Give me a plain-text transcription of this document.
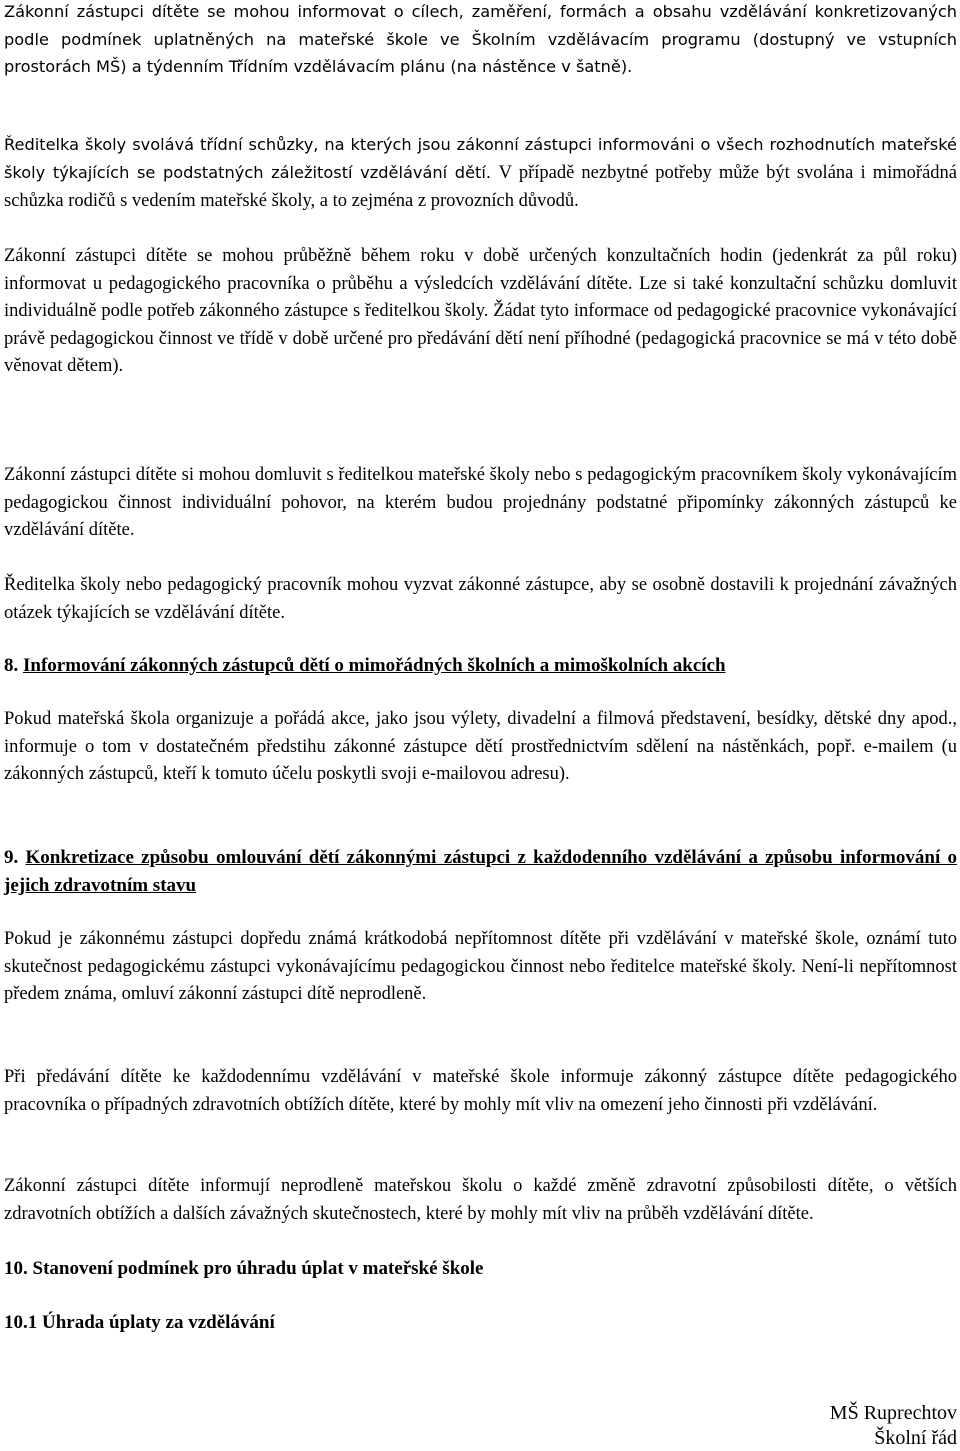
Zákonní zástupci dítěte se mohou informovat o cílech, zaměření, formách a obsahu vzdělávání konkretizovaných podle podmínek uplatněných na mateřské škole ve Školním vzdělávacím programu (dostupný ve vstupních prostorách MŠ) a týdenním Třídním vzdělávacím plánu (na nástěnce v šatně).

Ředitelka školy svolává třídní schůzky, na kterých jsou zákonní zástupci informováni o všech rozhodnutích mateřské školy týkajících se podstatných záležitostí vzdělávání dětí. V případě nezbytné potřeby může být svolána i mimořádná schůzka rodičů s vedením mateřské školy, a to zejména z provozních důvodů.

Zákonní zástupci dítěte se mohou průběžně během roku v době určených konzultačních hodin (jedenkrát za půl roku) informovat u pedagogického pracovníka o průběhu a výsledcích vzdělávání dítěte. Lze si také konzultační schůzku domluvit individuálně podle potřeb zákonného zástupce s ředitelkou školy. Žádat tyto informace od pedagogické pracovnice vykonávající právě pedagogickou činnost ve třídě v době určené pro předávání dětí není příhodné (pedagogická pracovnice se má v této době věnovat dětem).

Zákonní zástupci dítěte si mohou domluvit s ředitelkou mateřské školy nebo s pedagogickým pracovníkem školy vykonávajícím pedagogickou činnost individuální pohovor, na kterém budou projednány podstatné připomínky zákonných zástupců ke vzdělávání dítěte.

Ředitelka školy nebo pedagogický pracovník mohou vyzvat zákonné zástupce, aby se osobně dostavili k projednání závažných otázek týkajících se vzdělávání dítěte.

8. Informování zákonných zástupců dětí o mimořádných školních a mimoškolních akcích

Pokud mateřská škola organizuje a pořádá akce, jako jsou výlety, divadelní a filmová představení, besídky, dětské dny apod., informuje o tom v dostatečném předstihu zákonné zástupce dětí prostřednictvím sdělení na nástěnkách, popř. e-mailem (u zákonných zástupců, kteří k tomuto účelu poskytli svoji e-mailovou adresu).

9. Konkretizace způsobu omlouvání dětí zákonnými zástupci z každodenního vzdělávání a způsobu informování o jejich zdravotním stavu

Pokud je zákonnému zástupci dopředu známá krátkodobá nepřítomnost dítěte při vzdělávání v mateřské škole, oznámí tuto skutečnost pedagogickému zástupci vykonávajícímu pedagogickou činnost nebo ředitelce mateřské školy. Není-li nepřítomnost předem známa, omluví zákonní zástupci dítě neprodleně.

Při předávání dítěte ke každodennímu vzdělávání v mateřské škole informuje zákonný zástupce dítěte pedagogického pracovníka o případných zdravotních obtížích dítěte, které by mohly mít vliv na omezení jeho činnosti při vzdělávání.

Zákonní zástupci dítěte informují neprodleně mateřskou školu o každé změně zdravotní způsobilosti dítěte, o větších zdravotních obtížích a dalších závažných skutečnostech, které by mohly mít vliv na průběh vzdělávání dítěte.

10. Stanovení podmínek pro úhradu úplat v mateřské škole

10.1 Úhrada úplaty za vzdělávání

MŠ Ruprechtov
Školní řád
